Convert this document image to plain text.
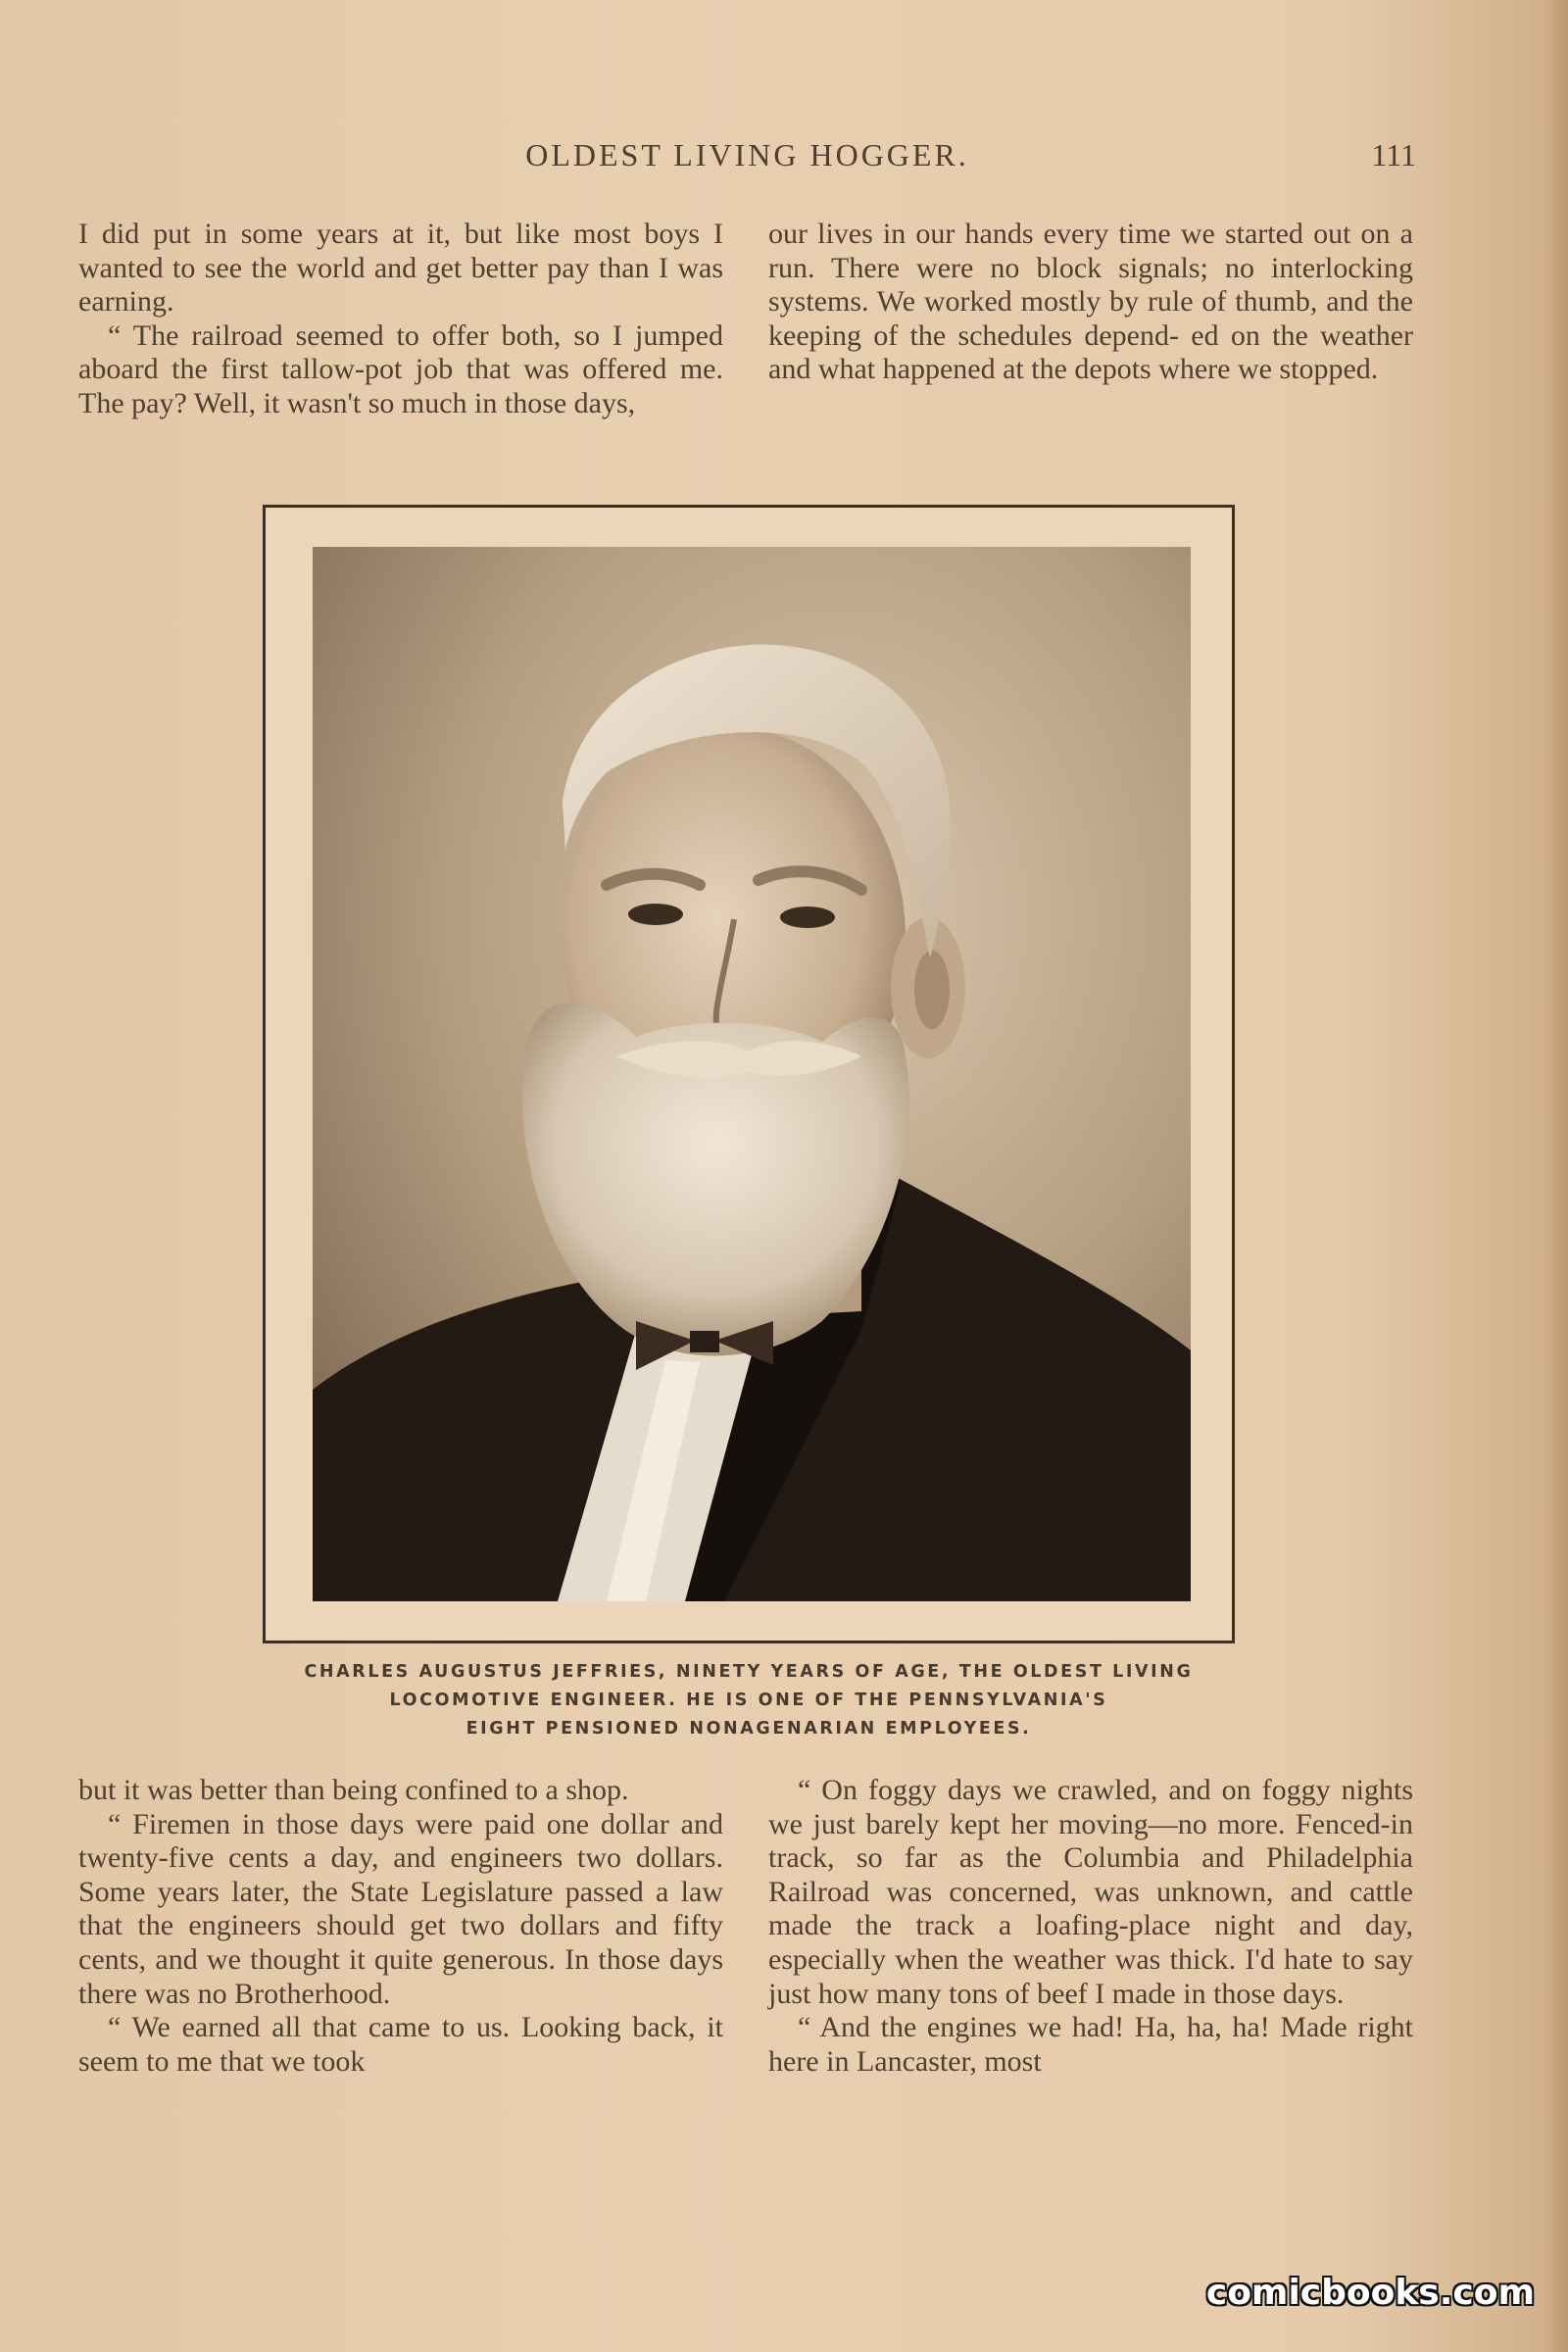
OLDEST LIVING HOGGER.	111

I did put in some years at it, but like most boys I wanted to see the world and get better pay than I was earning.

“ The railroad seemed to offer both, so I jumped aboard the first tallow-pot job that was offered me. The pay? Well, it wasn't so much in those days,

our lives in our hands every time we started out on a run. There were no block signals; no interlocking systems. We worked mostly by rule of thumb, and the keeping of the schedules depend- ed on the weather and what happened at the depots where we stopped.

CHARLES AUGUSTUS JEFFRIES, NINETY YEARS OF AGE, THE OLDEST LIVING
LOCOMOTIVE ENGINEER. HE IS ONE OF THE PENNSYLVANIA'S
EIGHT PENSIONED NONAGENARIAN EMPLOYEES.

but it was better than being confined to a shop.

“ Firemen in those days were paid one dollar and twenty-five cents a day, and engineers two dollars. Some years later, the State Legislature passed a law that the engineers should get two dollars and fifty cents, and we thought it quite generous. In those days there was no Brotherhood.

“ We earned all that came to us. Looking back, it seem to me that we took

“ On foggy days we crawled, and on foggy nights we just barely kept her moving—no more. Fenced-in track, so far as the Columbia and Philadelphia Railroad was concerned, was unknown, and cattle made the track a loafing-place night and day, especially when the weather was thick. I'd hate to say just how many tons of beef I made in those days.

“ And the engines we had! Ha, ha, ha! Made right here in Lancaster, most

comicbooks.com
